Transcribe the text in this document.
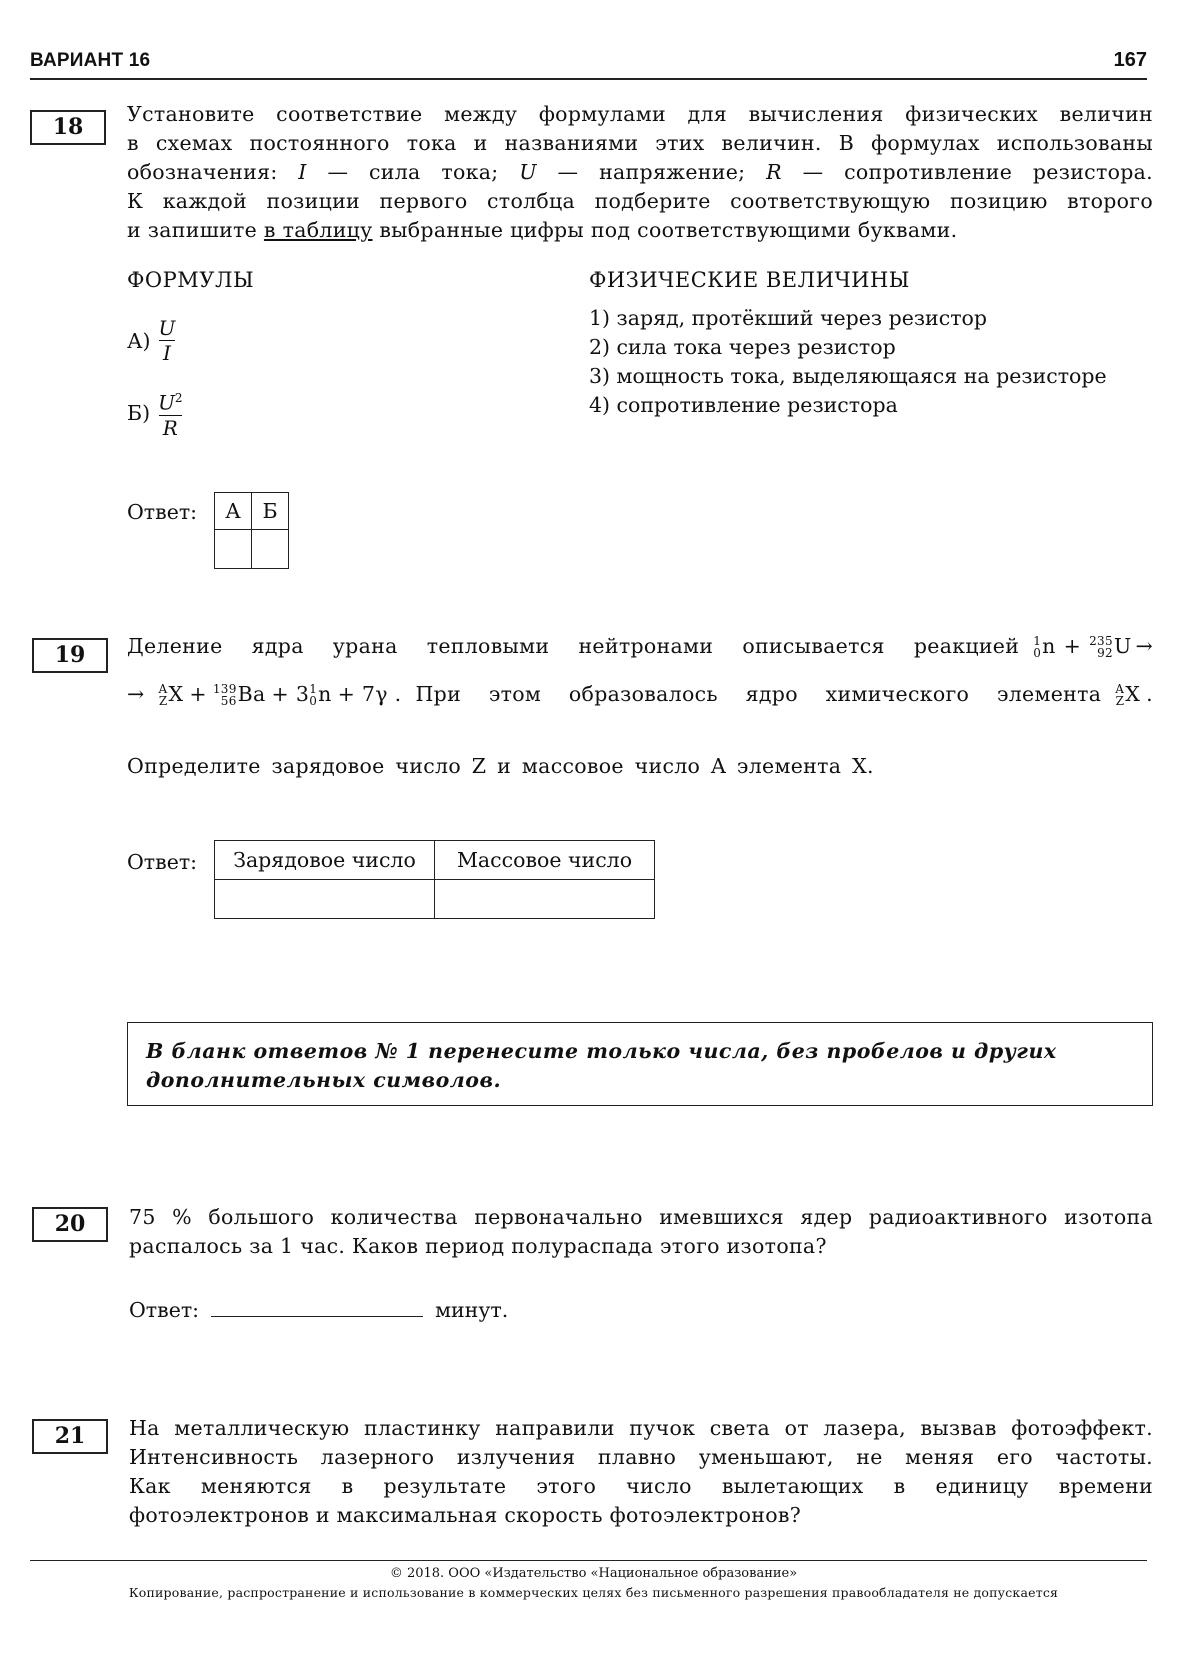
ВАРИАНТ 16	167
18	Установите соответствие между формулами для вычисления физических величин
в схемах постоянного тока и названиями этих величин. В формулах использованы
обозначения: I — сила тока; U — напряжение; R — сопротивление резистора.
К каждой позиции первого столбца подберите соответствующую позицию второго
и запишите в таблицу выбранные цифры под соответствующими буквами.
ФОРМУЛЫ	ФИЗИЧЕСКИЕ ВЕЛИЧИНЫ
$А) \frac{U}{I}$
$Б) \frac{U^2}{R}$
1) заряд, протёкший через резистор
2) сила тока через резистор
3) мощность тока, выделяющаяся на резисторе
4) сопротивление резистора
Ответ: А	Б

19	Деление ядра урана тепловыми нейтронами описывается реакцией 1
0 n + 235
92 U →
→ A
Z X + 139
56 Ba + 3 1
0 n + 7γ . При этом образовалось ядро химического элемента A
Z X .
Определите зарядовое число Z и массовое число A элемента X.
Ответ: Зарядовое число	Массовое число

В бланк ответов № 1 перенесите только числа, без пробелов и других дополнительных символов.
20	75 % большого количества первоначально имевшихся ядер радиоактивного изотопа
распалось за 1 час. Каков период полураспада этого изотопа?
Ответ:	минут.
21	На металлическую пластинку направили пучок света от лазера, вызвав фотоэффект.
Интенсивность лазерного излучения плавно уменьшают, не меняя его частоты.
Как меняются в результате этого число вылетающих в единицу времени
фотоэлектронов и максимальная скорость фотоэлектронов?
© 2018. ООО «Издательство «Национальное образование»
Копирование, распространение и использование в коммерческих целях без письменного разрешения правообладателя не допускается
